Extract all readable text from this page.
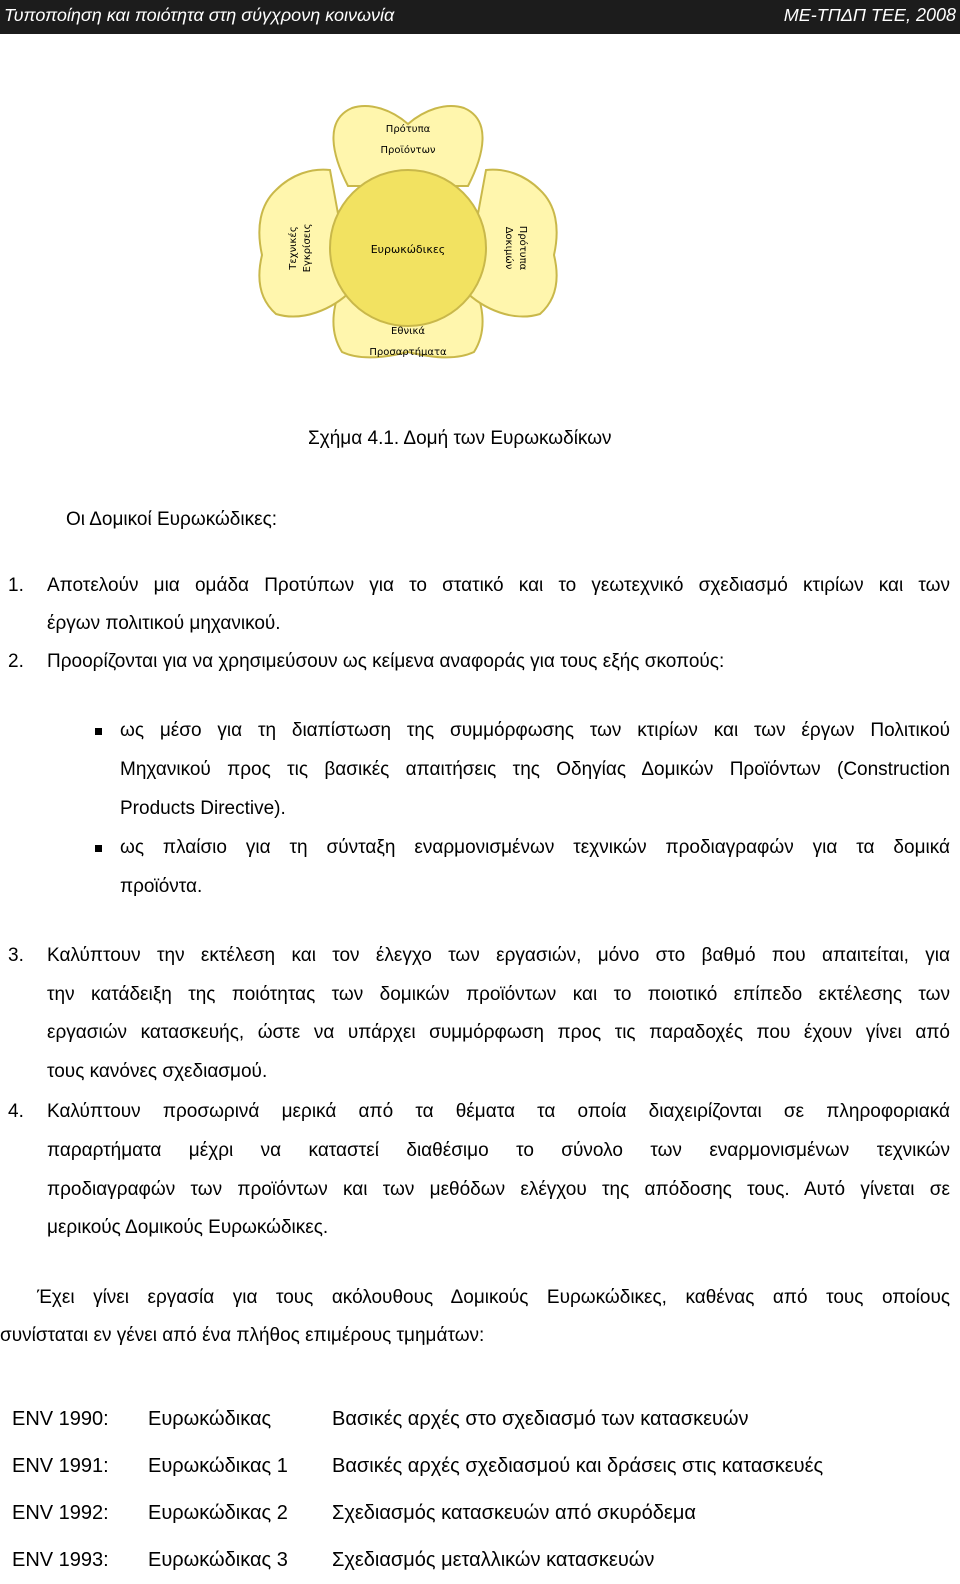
Τυποποίηση και ποιότητα στη σύγχρονη κοινωνία	ΜΕ-ΤΠΔΠ ΤΕΕ, 2008
Ευρωκώδικες
Πρότυπα
Προϊόντων
Εθνικά
Προσαρτήματα
Τεχνικές Εγκρίσεις	Πρότυπα
Δοκιμών
Σχήμα 4.1. Δομή των Ευρωκωδίκων
Οι Δομικοί Ευρωκώδικες:
1. Αποτελούν μια ομάδα Προτύπων για το στατικό και το γεωτεχνικό σχεδιασμό κτιρίων και των
έργων πολιτικού μηχανικού.
2. Προορίζονται για να χρησιμεύσουν ως κείμενα αναφοράς για τους εξής σκοπούς:
ως μέσο για τη διαπίστωση της συμμόρφωσης των κτιρίων και των έργων Πολιτικού
Μηχανικού προς τις βασικές απαιτήσεις της Οδηγίας Δομικών Προϊόντων (Construction
Products Directive).
ως πλαίσιο για τη σύνταξη εναρμονισμένων τεχνικών προδιαγραφών για τα δομικά
προϊόντα.
3. Καλύπτουν την εκτέλεση και τον έλεγχο των εργασιών, μόνο στο βαθμό που απαιτείται, για
την κατάδειξη της ποιότητας των δομικών προϊόντων και το ποιοτικό επίπεδο εκτέλεσης των
εργασιών κατασκευής, ώστε να υπάρχει συμμόρφωση προς τις παραδοχές που έχουν γίνει από
τους κανόνες σχεδιασμού.
4. Καλύπτουν προσωρινά μερικά από τα θέματα τα οποία διαχειρίζονται σε πληροφοριακά
παραρτήματα μέχρι να καταστεί διαθέσιμο το σύνολο των εναρμονισμένων τεχνικών
προδιαγραφών των προϊόντων και των μεθόδων ελέγχου της απόδοσης τους. Αυτό γίνεται σε
μερικούς Δομικούς Ευρωκώδικες.
Έχει γίνει εργασία για τους ακόλουθους Δομικούς Ευρωκώδικες, καθένας από τους οποίους
συνίσταται εν γένει από ένα πλήθος επιμέρους τμημάτων:
ENV 1990:	Ευρωκώδικας	Βασικές αρχές στο σχεδιασμό των κατασκευών
ENV 1991:	Ευρωκώδικας 1	Βασικές αρχές σχεδιασμού και δράσεις στις κατασκευές
ENV 1992:	Ευρωκώδικας 2	Σχεδιασμός κατασκευών από σκυρόδεμα
ENV 1993:	Ευρωκώδικας 3	Σχεδιασμός μεταλλικών κατασκευών
